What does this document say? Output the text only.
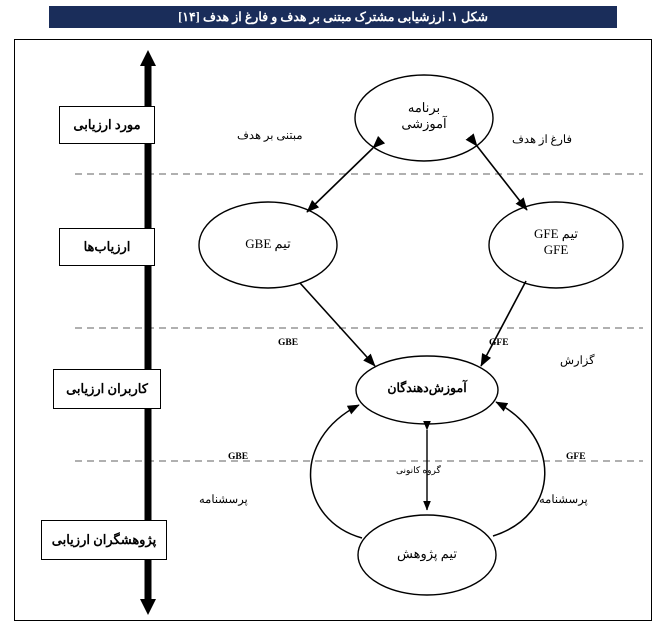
شکل ۱. ارزشیابی مشترک مبتنی بر هدف و فارغ از هدف [۱۴]
مورد ارزیابی
ارزیاب‌ها
کاربران ارزیابی
پژوهشگران ارزیابی
برنامه
آموزشی
تیم GBE
تیم GFE
GFE
آموزش‌دهندگان
تیم پژوهش
مبتنی بر هدف	فارغ از هدف
GBE	GFE
گزارش
GBE	GFE
پرسشنامه
پرسشنامه
گروه کانونی
